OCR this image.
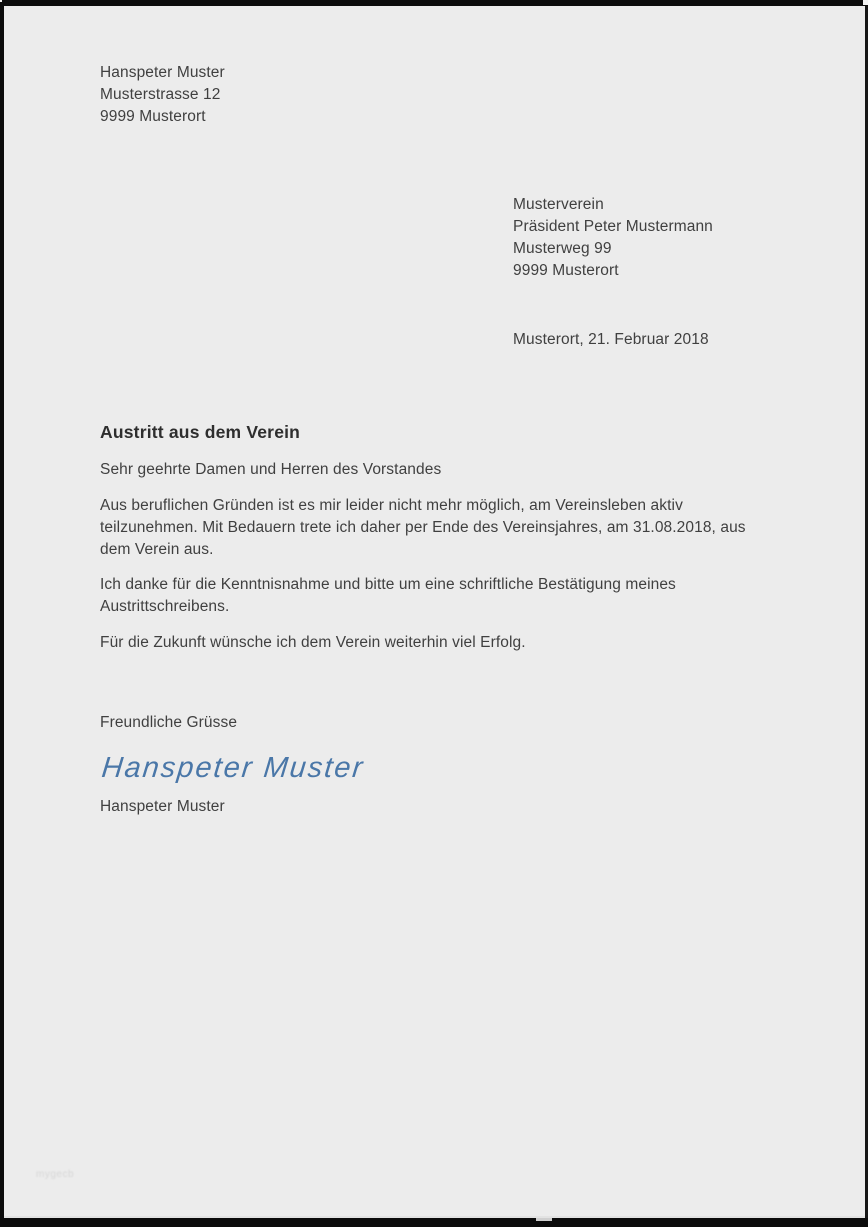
Hanspeter Muster
Musterstrasse 12
9999 Musterort
Musterverein
Präsident Peter Mustermann
Musterweg 99
9999 Musterort
Musterort, 21. Februar 2018
Austritt aus dem Verein
Sehr geehrte Damen und Herren des Vorstandes
Aus beruflichen Gründen ist es mir leider nicht mehr möglich, am Vereinsleben aktiv teilzunehmen. Mit Bedauern trete ich daher per Ende des Vereinsjahres, am 31.08.2018, aus dem Verein aus.
Ich danke für die Kenntnisnahme und bitte um eine schriftliche Bestätigung meines Austrittschreibens.
Für die Zukunft wünsche ich dem Verein weiterhin viel Erfolg.
Freundliche Grüsse
Hanspeter Muster
Hanspeter Muster
mygecb
